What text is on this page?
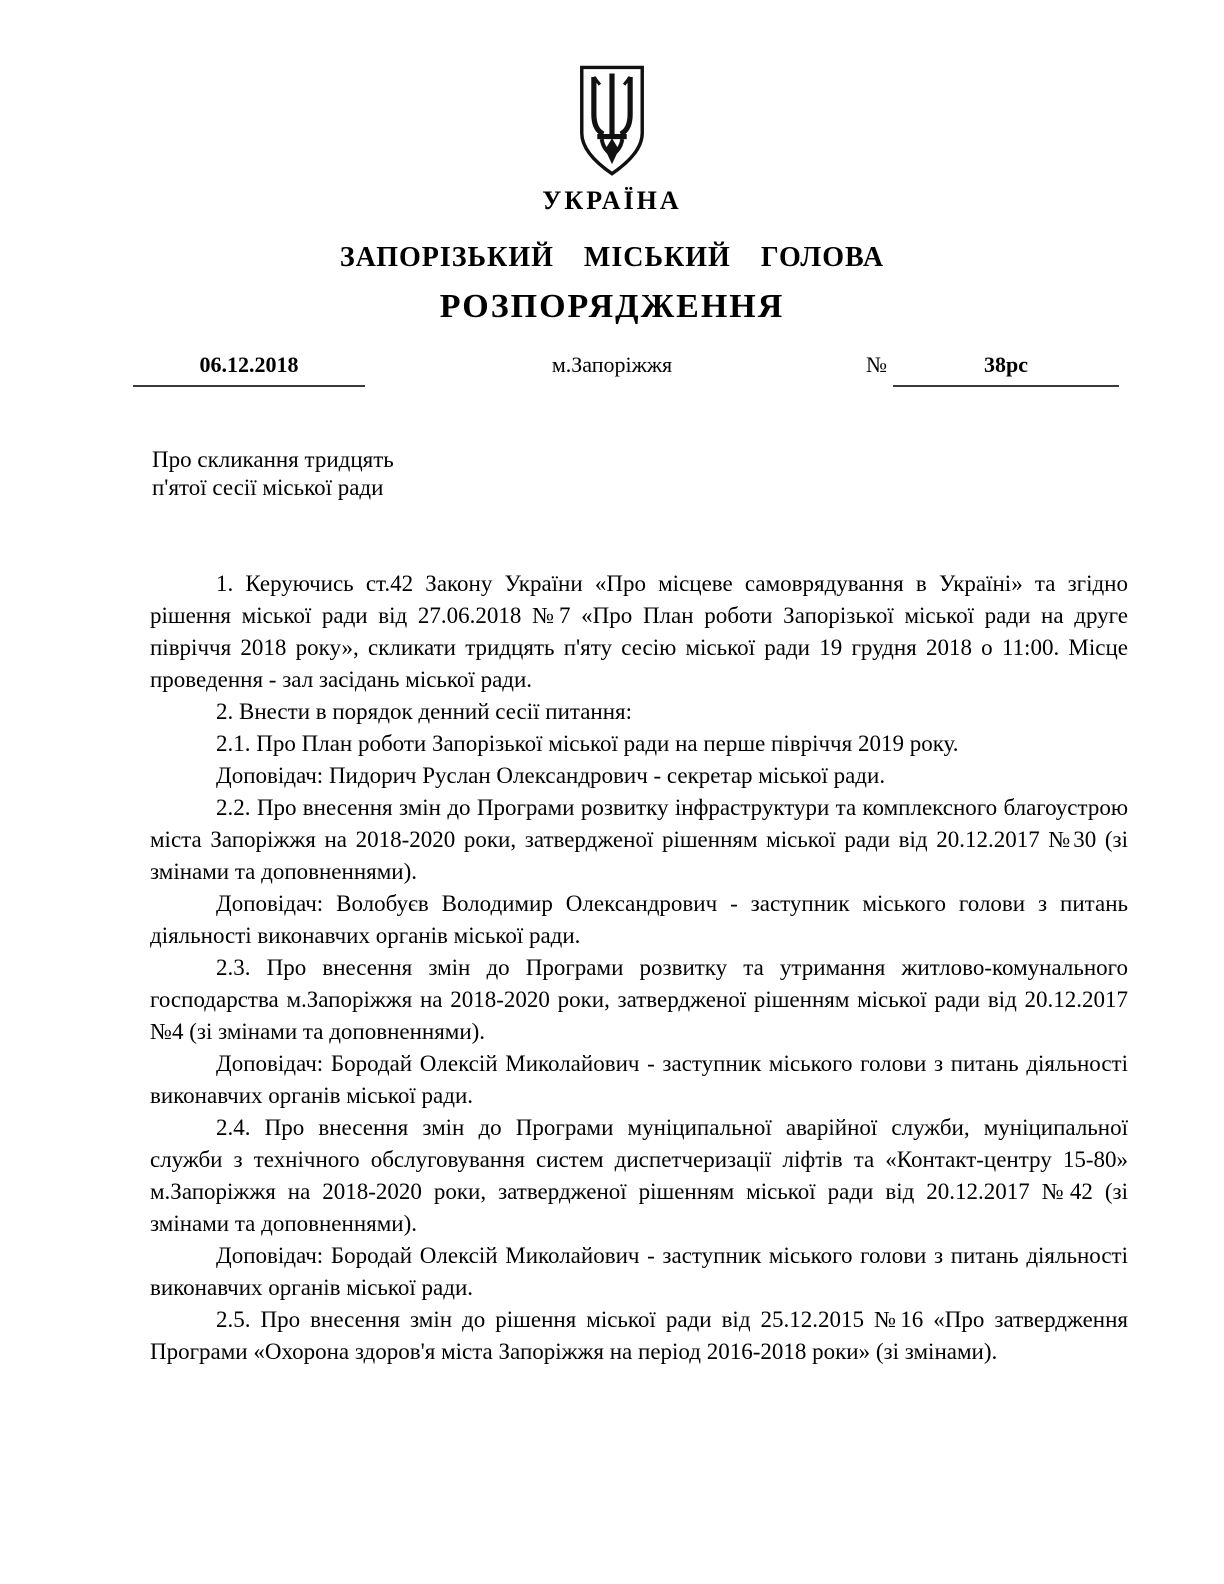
УКРАЇНА
ЗАПОРІЗЬКИЙ МІСЬКИЙ ГОЛОВА
РОЗПОРЯДЖЕННЯ
06.12.2018	м.Запоріжжя	№	38рс
Про скликання тридцять
п'ятої сесії міської ради

1. Керуючись ст.42 Закону України «Про місцеве самоврядування в Україні» та згідно рішення міської ради від 27.06.2018 №7 «Про План роботи Запорізької міської ради на друге півріччя 2018 року», скликати тридцять п'яту сесію міської ради 19 грудня 2018 о 11:00. Місце проведення - зал засідань міської ради.

2. Внести в порядок денний сесії питання:

2.1. Про План роботи Запорізької міської ради на перше півріччя 2019 року.

Доповідач: Пидорич Руслан Олександрович - секретар міської ради.

2.2. Про внесення змін до Програми розвитку інфраструктури та комплексного благоустрою міста Запоріжжя на 2018-2020 роки, затвердженої рішенням міської ради від 20.12.2017 №30 (зі змінами та доповненнями).

Доповідач: Волобуєв Володимир Олександрович - заступник міського голови з питань діяльності виконавчих органів міської ради.

2.3. Про внесення змін до Програми розвитку та утримання житлово-комунального господарства м.Запоріжжя на 2018-2020 роки, затвердженої рішенням міської ради від 20.12.2017 №4 (зі змінами та доповненнями).

Доповідач: Бородай Олексій Миколайович - заступник міського голови з питань діяльності виконавчих органів міської ради.

2.4. Про внесення змін до Програми муніципальної аварійної служби, муніципальної служби з технічного обслуговування систем диспетчеризації ліфтів та «Контакт-центру 15-80» м.Запоріжжя на 2018-2020 роки, затвердженої рішенням міської ради від 20.12.2017 №42 (зі змінами та доповненнями).

Доповідач: Бородай Олексій Миколайович - заступник міського голови з питань діяльності виконавчих органів міської ради.

2.5. Про внесення змін до рішення міської ради від 25.12.2015 №16 «Про затвердження Програми «Охорона здоров'я міста Запоріжжя на період 2016-2018 роки» (зі змінами).
